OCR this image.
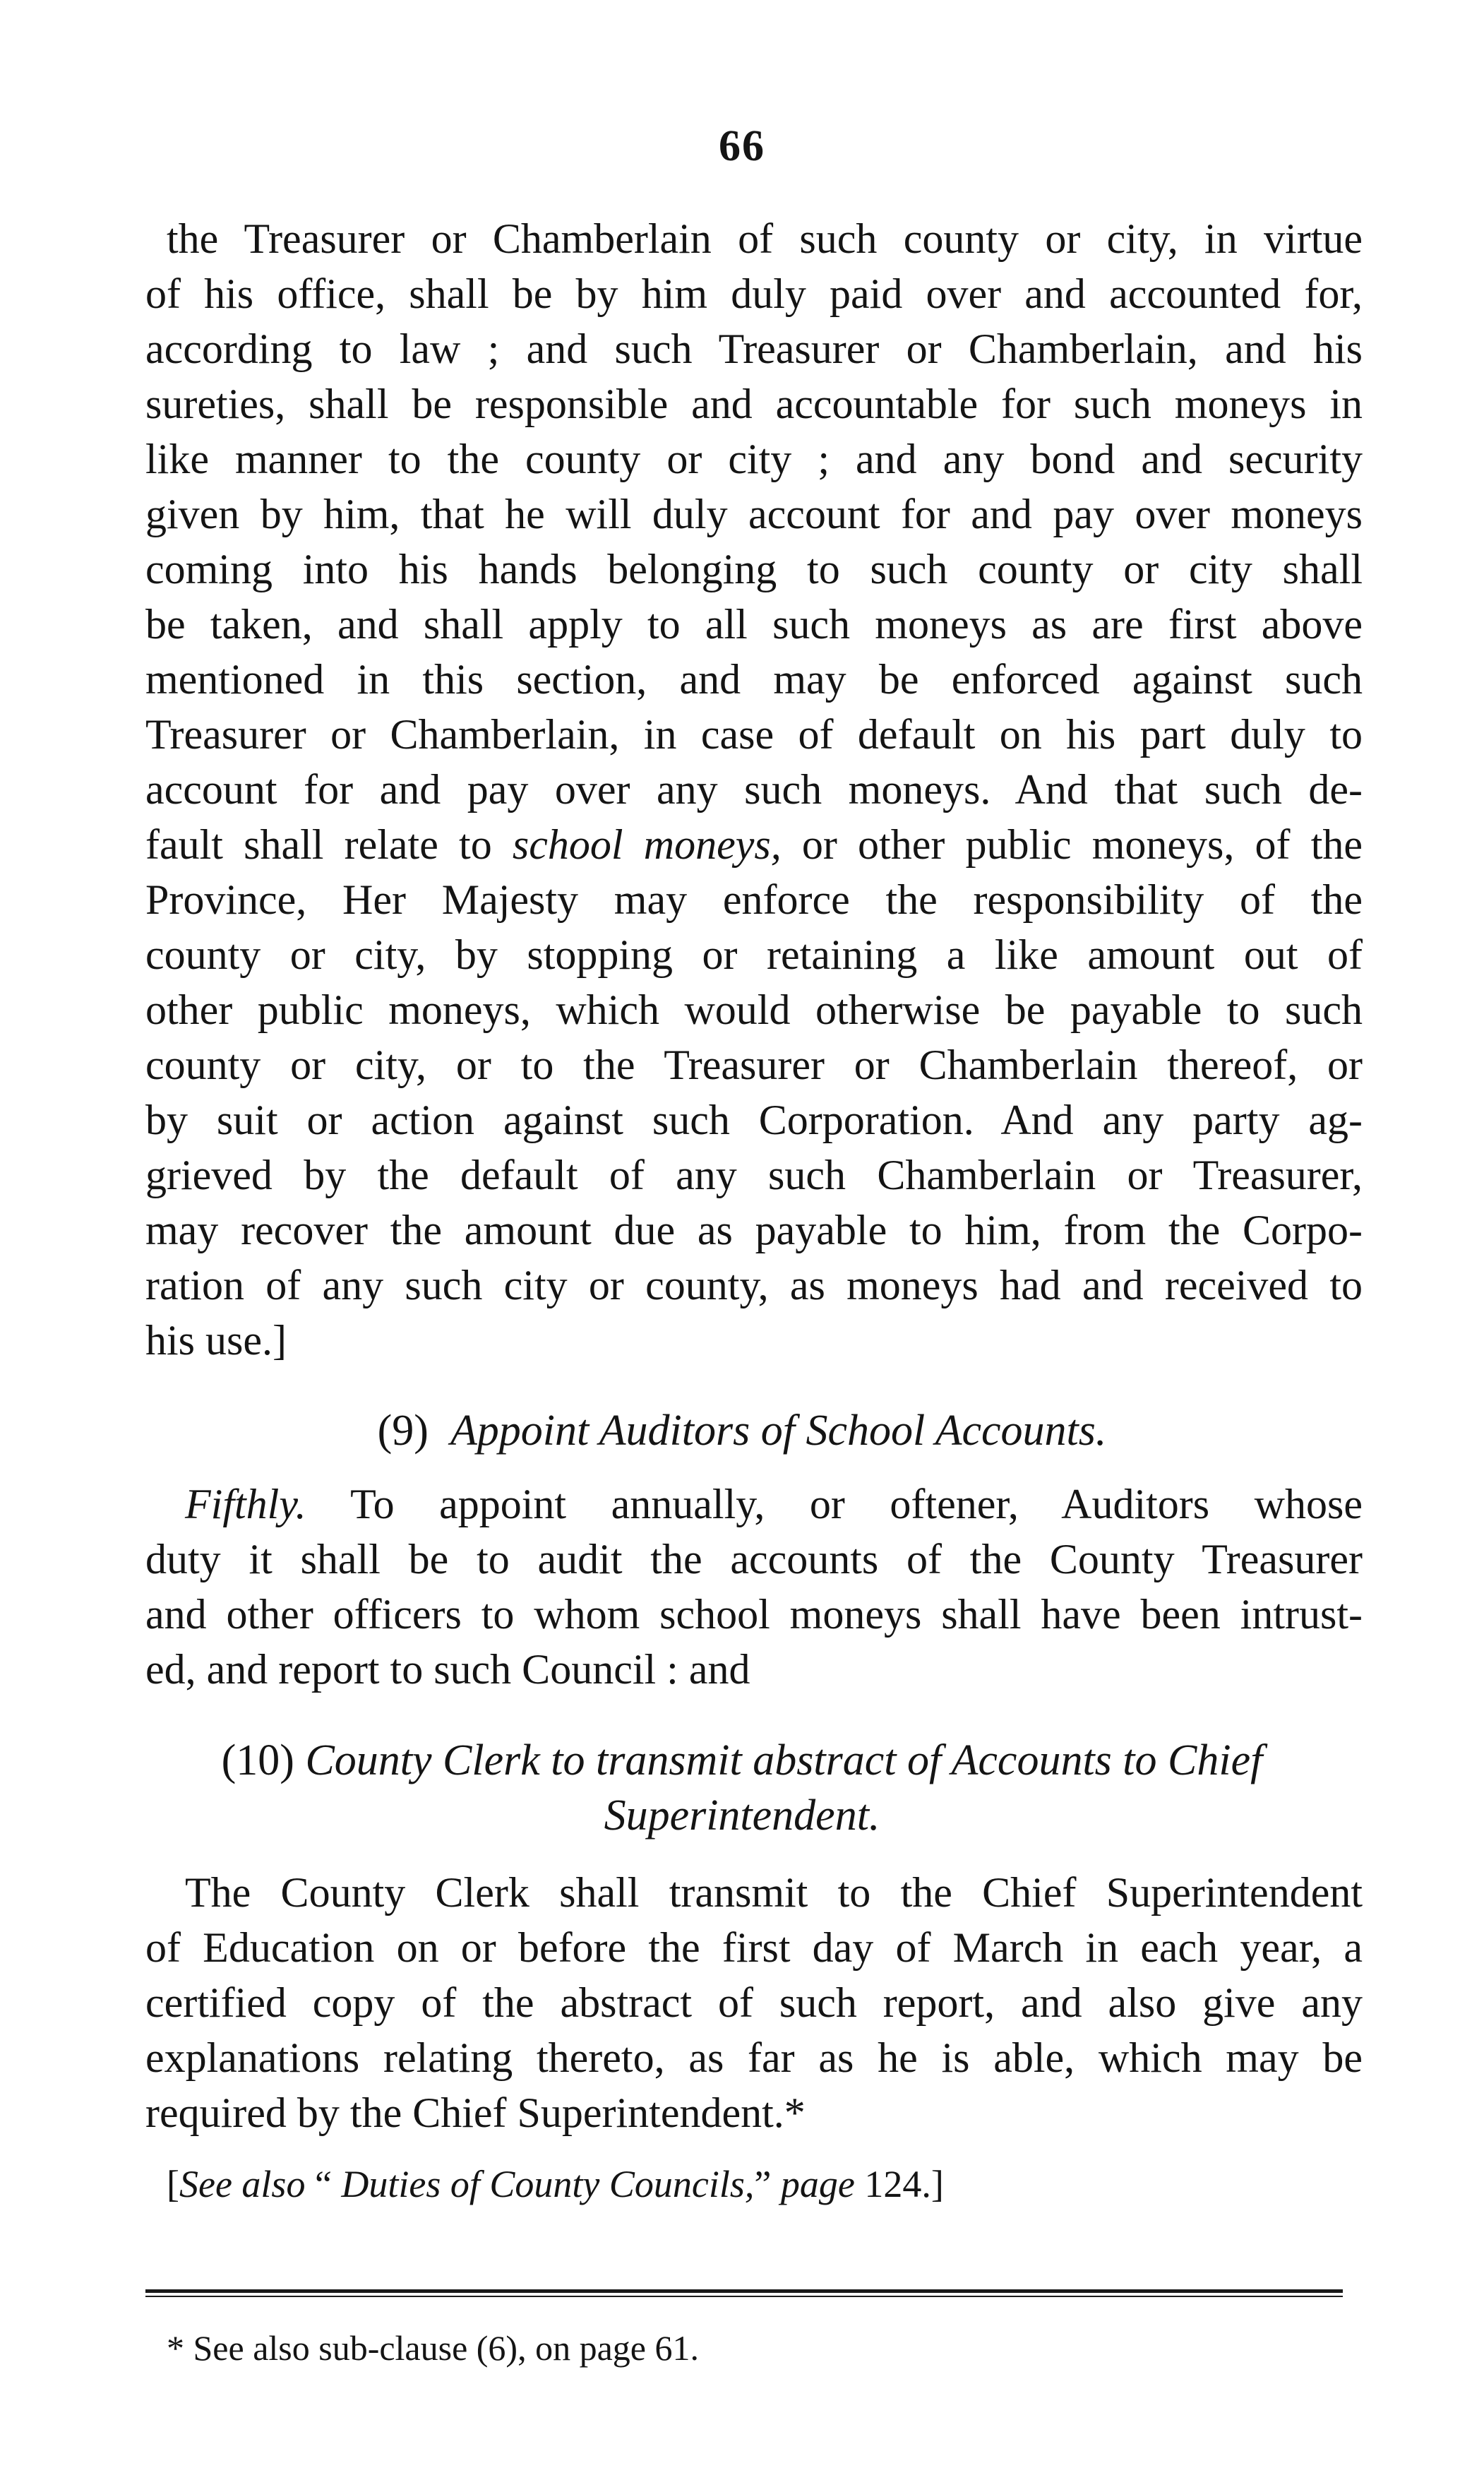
66
the Treasurer or Chamberlain of such county or city, in virtue
of his office, shall be by him duly paid over and accounted for,
according to law ; and such Treasurer or Chamberlain, and his
sureties, shall be responsible and accountable for such moneys in
like manner to the county or city ; and any bond and security
given by him, that he will duly account for and pay over moneys
coming into his hands belonging to such county or city shall
be taken, and shall apply to all such moneys as are first above
mentioned in this section, and may be enforced against such
Treasurer or Chamberlain, in case of default on his part duly to
account for and pay over any such moneys. And that such de-
fault shall relate to school moneys, or other public moneys, of the
Province, Her Majesty may enforce the responsibility of the
county or city, by stopping or retaining a like amount out of
other public moneys, which would otherwise be payable to such
county or city, or to the Treasurer or Chamberlain thereof, or
by suit or action against such Corporation. And any party ag-
grieved by the default of any such Chamberlain or Treasurer,
may recover the amount due as payable to him, from the Corpo-
ration of any such city or county, as moneys had and received to
his use.]
(9) Appoint Auditors of School Accounts.
Fifthly. To appoint annually, or oftener, Auditors whose
duty it shall be to audit the accounts of the County Treasurer
and other officers to whom school moneys shall have been intrust-
ed, and report to such Council : and
(10) County Clerk to transmit abstract of Accounts to Chief
Superintendent.
The County Clerk shall transmit to the Chief Superintendent
of Education on or before the first day of March in each year, a
certified copy of the abstract of such report, and also give any
explanations relating thereto, as far as he is able, which may be
required by the Chief Superintendent.*
[See also “ Duties of County Councils,” page 124.]
* See also sub-clause (6), on page 61.
